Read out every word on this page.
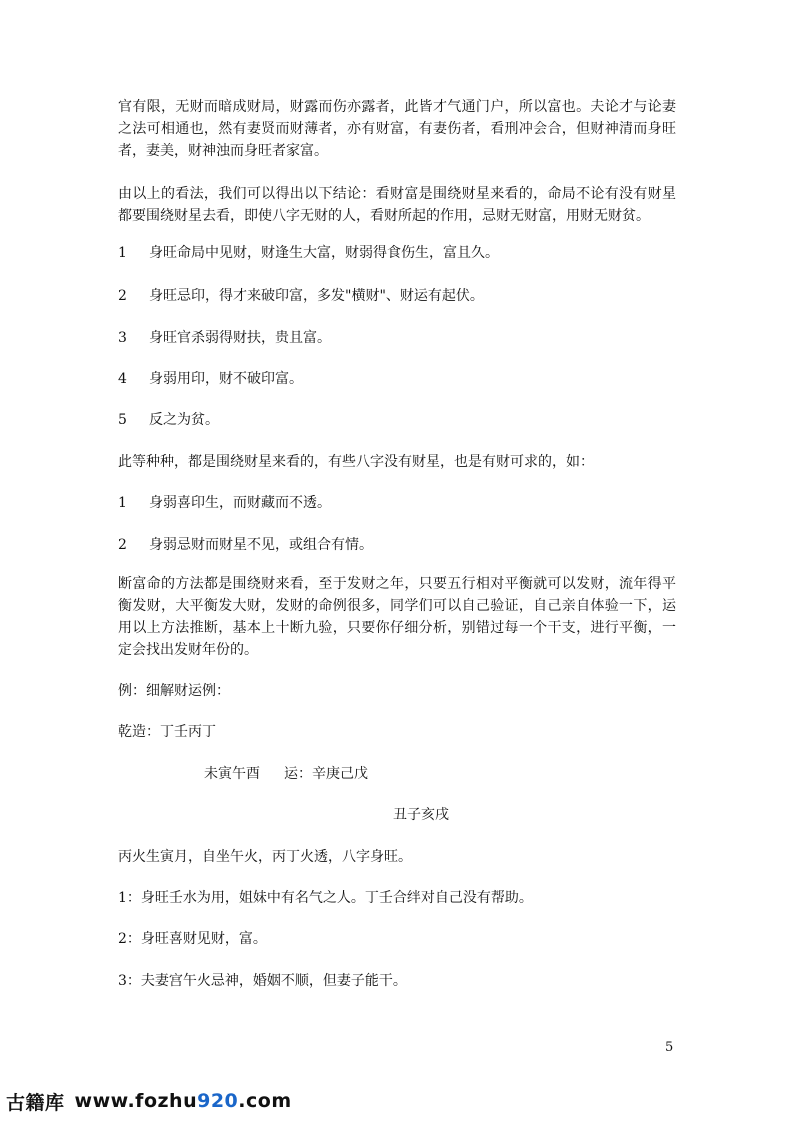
官有限，无财而暗成财局，财露而伤亦露者，此皆才气通门户，所以富也。夫论才与论妻之法可相通也，然有妻贤而财薄者，亦有财富，有妻伤者，看刑冲会合，但财神清而身旺者，妻美，财神浊而身旺者家富。

由以上的看法，我们可以得出以下结论：看财富是围绕财星来看的，命局不论有没有财星都要围绕财星去看，即使八字无财的人，看财所起的作用，忌财无财富，用财无财贫。

1 身旺命局中见财，财逢生大富，财弱得食伤生，富且久。
2 身旺忌印，得才来破印富，多发"横财"、财运有起伏。
3 身旺官杀弱得财扶，贵且富。
4 身弱用印，财不破印富。
5 反之为贫。

此等种种，都是围绕财星来看的，有些八字没有财星，也是有财可求的，如：

1 身弱喜印生，而财藏而不透。
2 身弱忌财而财星不见，或组合有情。

断富命的方法都是围绕财来看，至于发财之年，只要五行相对平衡就可以发财，流年得平衡发财，大平衡发大财，发财的命例很多，同学们可以自己验证，自己亲自体验一下，运用以上方法推断，基本上十断九验，只要你仔细分析，别错过每一个干支，进行平衡，一定会找出发财年份的。

例：细解财运例：

乾造：丁壬丙丁

未寅午酉 运：辛庚己戊
丑子亥戌

丙火生寅月，自坐午火，丙丁火透，八字身旺。

1：身旺壬水为用，姐妹中有名气之人。丁壬合绊对自己没有帮助。

2：身旺喜财见财，富。

3：夫妻宫午火忌神，婚姻不顺，但妻子能干。

5
古籍库 www.fozhu 920 .com
